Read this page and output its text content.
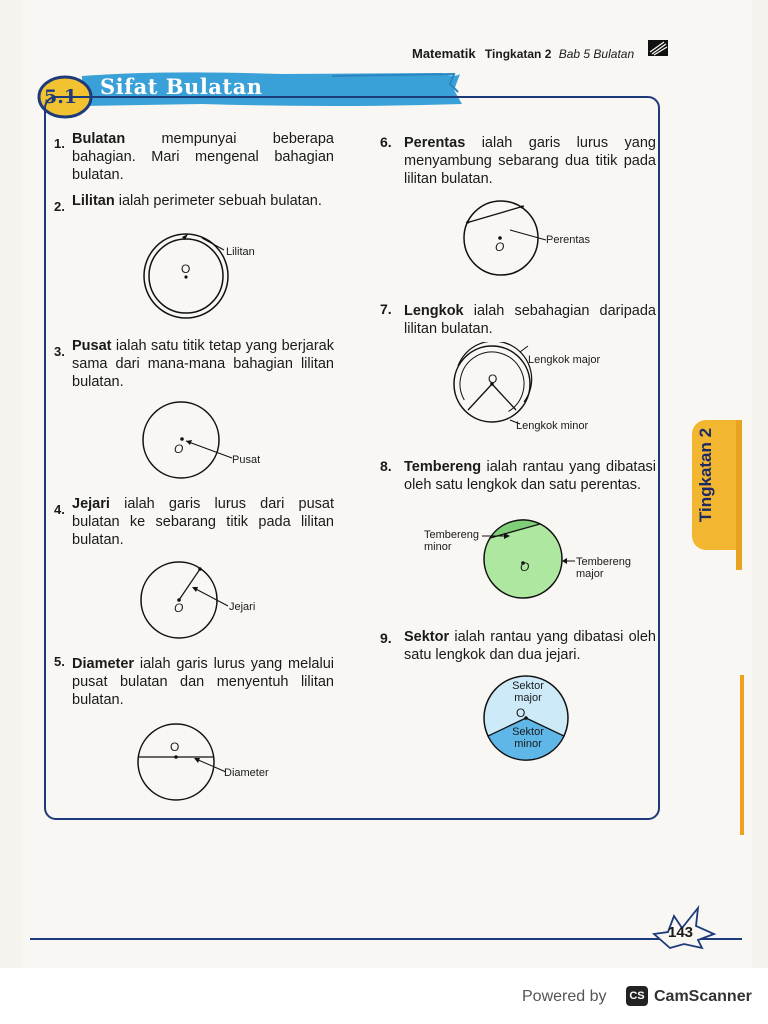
Matematik Tingkatan 2 Bab 5 Bulatan
5.1 Sifat Bulatan
1. Bulatan mempunyai beberapa bahagian. Mari mengenal bahagian bulatan.
2. Lilitan ialah perimeter sebuah bulatan.
Lilitan
O
3. Pusat ialah satu titik tetap yang berjarak sama dari mana-mana bahagian lilitan bulatan.
Pusat
O
4. Jejari ialah garis lurus dari pusat bulatan ke sebarang titik pada lilitan bulatan.
Jejari
O
5. Diameter ialah garis lurus yang melalui pusat bulatan dan menyentuh lilitan bulatan.
Diameter
O
6. Perentas ialah garis lurus yang menyambung sebarang dua titik pada lilitan bulatan.
Perentas
O
7. Lengkok ialah sebahagian daripada lilitan bulatan.
Lengkok major
Lengkok minor
O
8. Tembereng ialah rantau yang dibatasi oleh satu lengkok dan satu perentas.
Tembereng minor
Tembereng major
O
9. Sektor ialah rantau yang dibatasi oleh satu lengkok dan dua jejari.
Sektor major
Sektor minor
O
Tingkatan 2
143
Powered by	CS CamScanner
